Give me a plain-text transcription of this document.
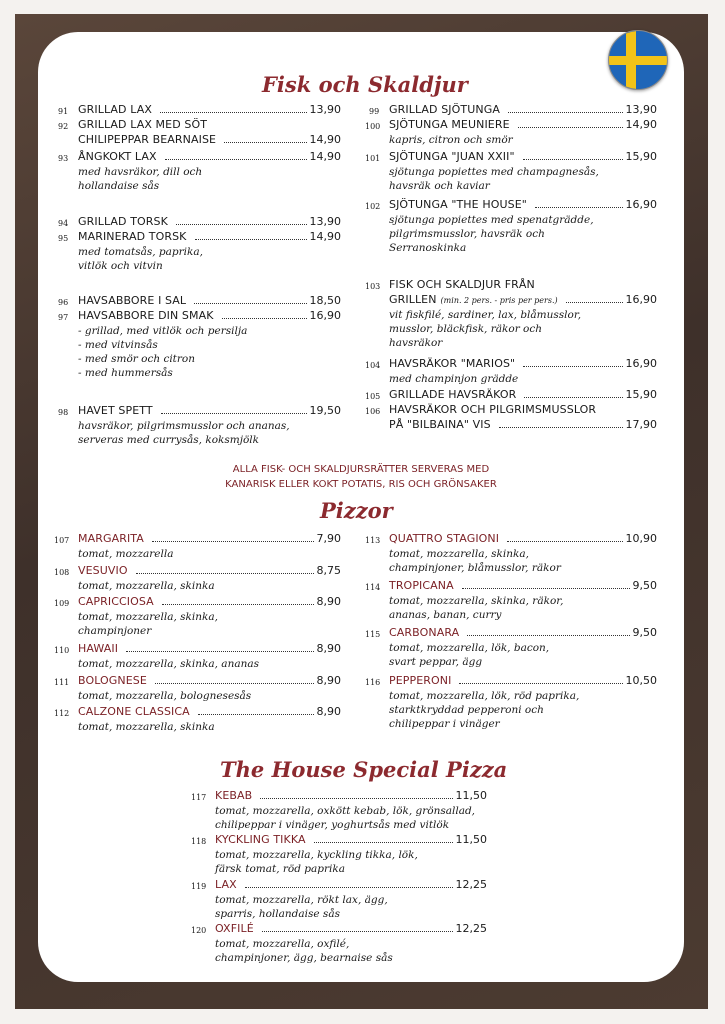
Fisk och Skaldjur
Pizzor
The House Special Pizza
ALLA FISK- OCH SKALDJURSRÄTTER SERVERAS MED
KANARISK ELLER KOKT POTATIS, RIS OCH GRÖNSAKER
91 GRILLAD LAX	13,90
92 GRILLAD LAX MED SÖT
CHILIPEPPAR BEARNAISE	14,90
93 ÅNGKOKT LAX	14,90
med havsräkor, dill och
hollandaise sås
94 GRILLAD TORSK	13,90
95 MARINERAD TORSK	14,90
med tomatsås, paprika,
vitlök och vitvin
96 HAVSABBORE I SAL	18,50
97 HAVSABBORE DIN SMAK	16,90
- grillad, med vitlök och persilja
- med vitvinsås
- med smör och citron
- med hummersås
98 HAVET SPETT	19,50
havsräkor, pilgrimsmusslor och ananas,
serveras med currysås, koksmjölk
99 GRILLAD SJÖTUNGA	13,90
100 SJÖTUNGA MEUNIERE	14,90
kapris, citron och smör
101 SJÖTUNGA "JUAN XXII"	15,90
sjötunga popiettes med champagnesås,
havsräk och kaviar
102 SJÖTUNGA "THE HOUSE"	16,90
sjötunga popiettes med spenatgrädde,
pilgrimsmusslor, havsräk och
Serranoskinka
103 FISK OCH SKALDJUR FRÅN
GRILLEN (min. 2 pers. - pris per pers.)	16,90
vit fiskfilé, sardiner, lax, blåmusslor,
musslor, bläckfisk, räkor och
havsräkor
104 HAVSRÄKOR "MARIOS"	16,90
med champinjon grädde
105 GRILLADE HAVSRÄKOR	15,90
106 HAVSRÄKOR OCH PILGRIMSMUSSLOR
PÅ "BILBAINA" VIS	17,90
107 MARGARITA	7,90
tomat, mozzarella
108 VESUVIO	8,75
tomat, mozzarella, skinka
109 CAPRICCIOSA	8,90
tomat, mozzarella, skinka,
champinjoner
110 HAWAII	8,90
tomat, mozzarella, skinka, ananas
111 BOLOGNESE	8,90
tomat, mozzarella, bolognesesås
112 CALZONE CLASSICA	8,90
tomat, mozzarella, skinka
113 QUATTRO STAGIONI	10,90
tomat, mozzarella, skinka,
champinjoner, blåmusslor, räkor
114 TROPICANA	9,50
tomat, mozzarella, skinka, räkor,
ananas, banan, curry
115 CARBONARA	9,50
tomat, mozzarella, lök, bacon,
svart peppar, ägg
116 PEPPERONI	10,50
tomat, mozzarella, lök, röd paprika,
starktkryddad pepperoni och
chilipeppar i vinäger
117 KEBAB	11,50
tomat, mozzarella, oxkött kebab, lök, grönsallad,
chilipeppar i vinäger, yoghurtsås med vitlök
118 KYCKLING TIKKA	11,50
tomat, mozzarella, kyckling tikka, lök,
färsk tomat, röd paprika
119 LAX	12,25
tomat, mozzarella, rökt lax, ägg,
sparris, hollandaise sås
120 OXFILÉ	12,25
tomat, mozzarella, oxfilé,
champinjoner, ägg, bearnaise sås
